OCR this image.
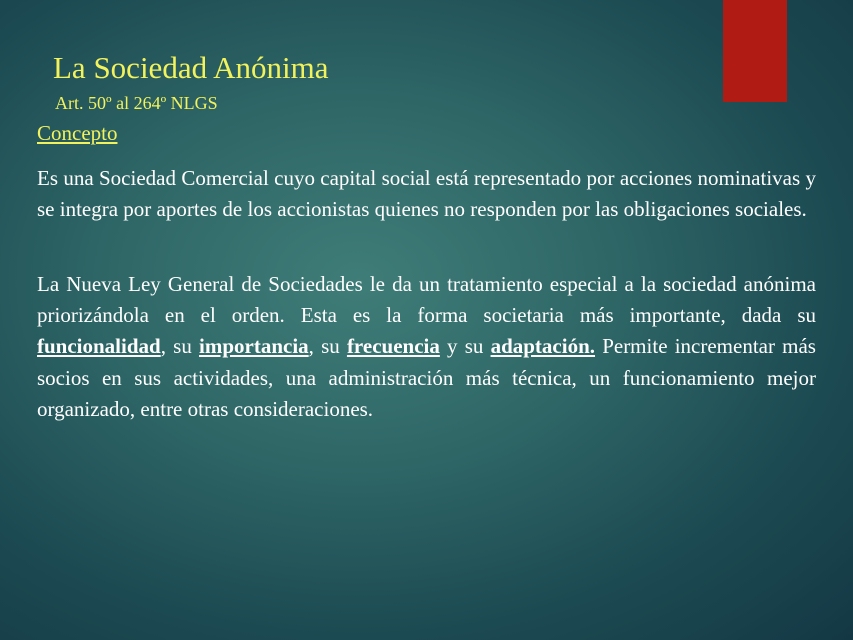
La Sociedad Anónima

Art. 50º al 264º NLGS

Concepto

Es una Sociedad Comercial cuyo capital social está representado por acciones nominativas y se integra por aportes de los accionistas quienes no responden por las obligaciones sociales.

La Nueva Ley General de Sociedades le da un tratamiento especial a la sociedad anónima priorizándola en el orden. Esta es la forma societaria más importante, dada su funcionalidad, su importancia, su frecuencia y su adaptación. Permite incrementar más socios en sus actividades, una administración más técnica, un funcionamiento mejor organizado, entre otras consideraciones.
